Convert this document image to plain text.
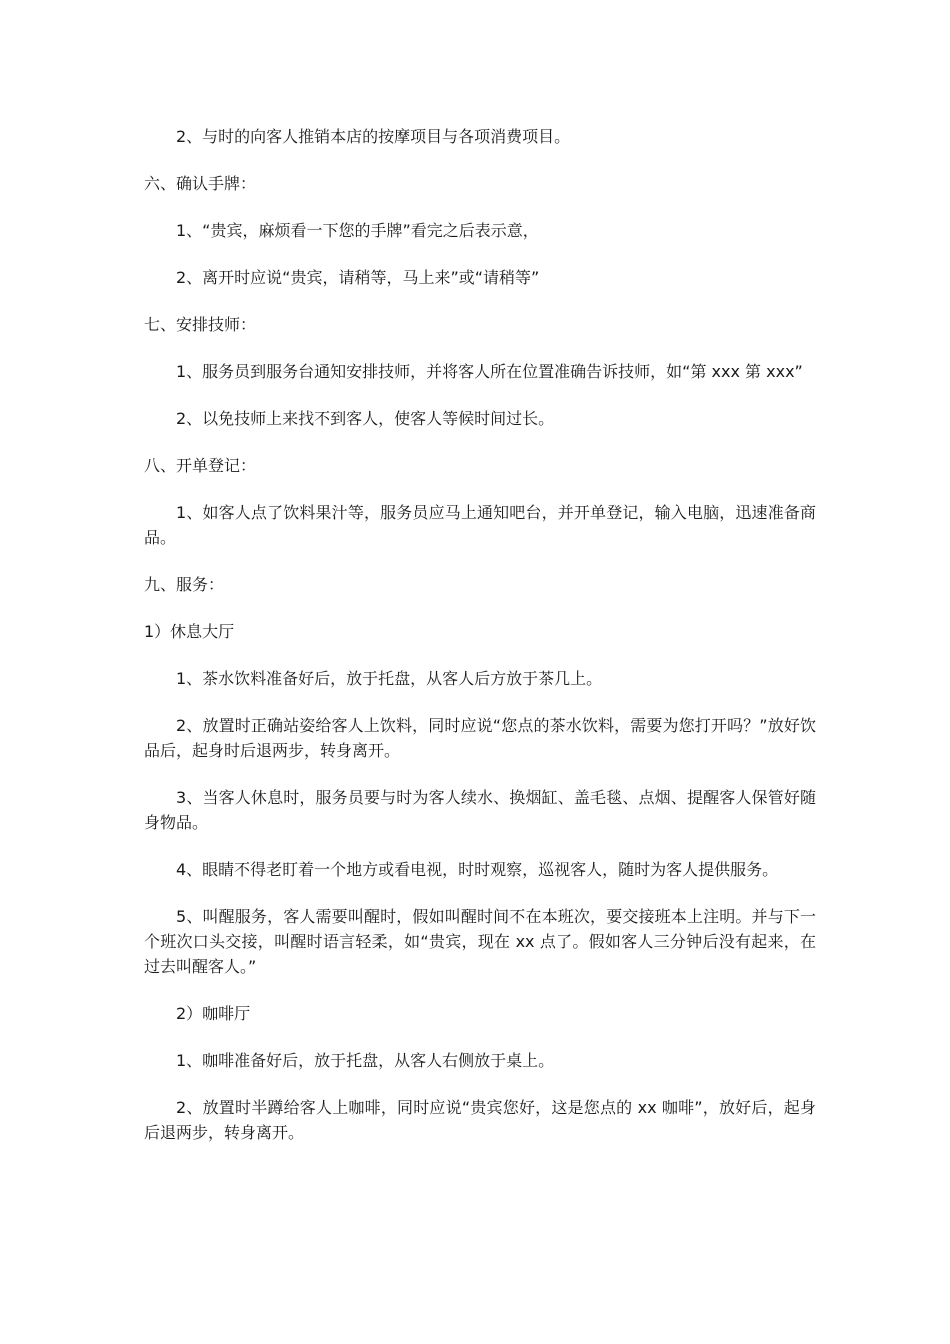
2、与时的向客人推销本店的按摩项目与各项消费项目。

六、确认手牌：

1、“贵宾，麻烦看一下您的手牌”看完之后表示意，

2、离开时应说“贵宾，请稍等，马上来”或“请稍等”

七、安排技师：

1、服务员到服务台通知安排技师，并将客人所在位置准确告诉技师，如“第 xxx 第 xxx”

2、以免技师上来找不到客人，使客人等候时间过长。

八、开单登记：

1、如客人点了饮料果汁等，服务员应马上通知吧台，并开单登记，输入电脑，迅速准备商品。

九、服务：

1）休息大厅

1、茶水饮料准备好后，放于托盘，从客人后方放于茶几上。

2、放置时正确站姿给客人上饮料，同时应说“您点的茶水饮料，需要为您打开吗？”放好饮品后，起身时后退两步，转身离开。

3、当客人休息时，服务员要与时为客人续水、换烟缸、盖毛毯、点烟、提醒客人保管好随身物品。

4、眼睛不得老盯着一个地方或看电视，时时观察，巡视客人，随时为客人提供服务。

5、叫醒服务，客人需要叫醒时，假如叫醒时间不在本班次，要交接班本上注明。并与下一个班次口头交接，叫醒时语言轻柔，如“贵宾，现在 xx 点了。假如客人三分钟后没有起来，在过去叫醒客人。”

2）咖啡厅

1、咖啡准备好后，放于托盘，从客人右侧放于桌上。

2、放置时半蹲给客人上咖啡，同时应说“贵宾您好，这是您点的 xx 咖啡”，放好后，起身后退两步，转身离开。
